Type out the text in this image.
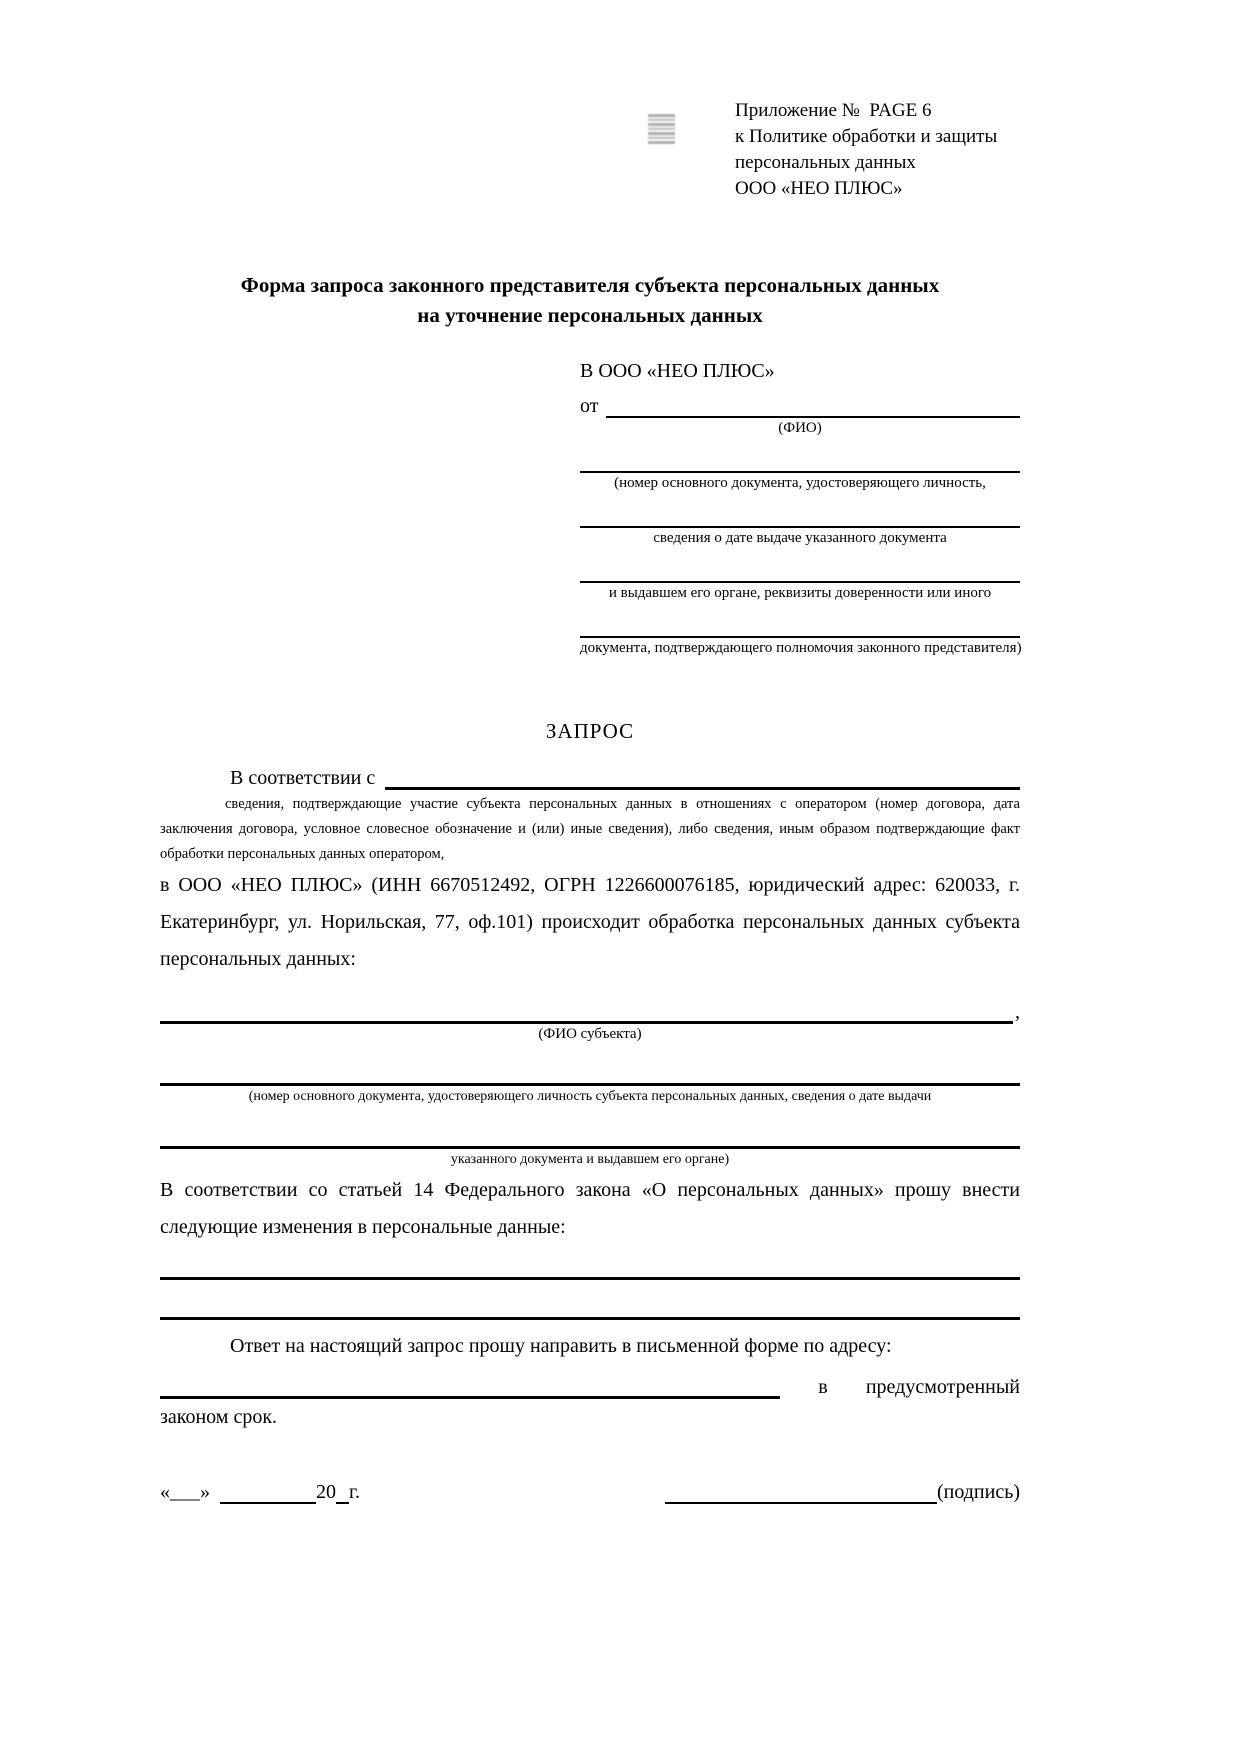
Приложение №  PAGE 6
к Политике обработки и защиты
персональных данных
ООО «НЕО ПЛЮС»
Форма запроса законного представителя субъекта персональных данных
на уточнение персональных данных
В ООО «НЕО ПЛЮС»
от
(ФИО)
(номер основного документа, удостоверяющего личность,
сведения о дате выдаче указанного документа
и выдавшем его органе, реквизиты доверенности или иного
документа, подтверждающего полномочия законного представителя)
ЗАПРОС
В соответствии с

сведения, подтверждающие участие субъекта персональных данных в отношениях с оператором (номер договора, дата заключения договора, условное словесное обозначение и (или) иные сведения), либо сведения, иным образом подтверждающие факт обработки персональных данных оператором,

в ООО «НЕО ПЛЮС» (ИНН 6670512492, ОГРН 1226600076185, юридический адрес: 620033, г. Екатеринбург, ул. Норильская, 77, оф.101) происходит обработка персональных данных субъекта персональных данных:

,
(ФИО субъекта)
(номер основного документа, удостоверяющего личность субъекта персональных данных, сведения о дате выдачи
указанного документа и выдавшем его органе)

В соответствии со статьей 14 Федерального закона «О персональных данных» прошу внести следующие изменения в персональные данные:

Ответ на настоящий запрос прошу направить в письменной форме по адресу:

в предусмотренный
законом срок.
«___»	20 г.	(подпись)
